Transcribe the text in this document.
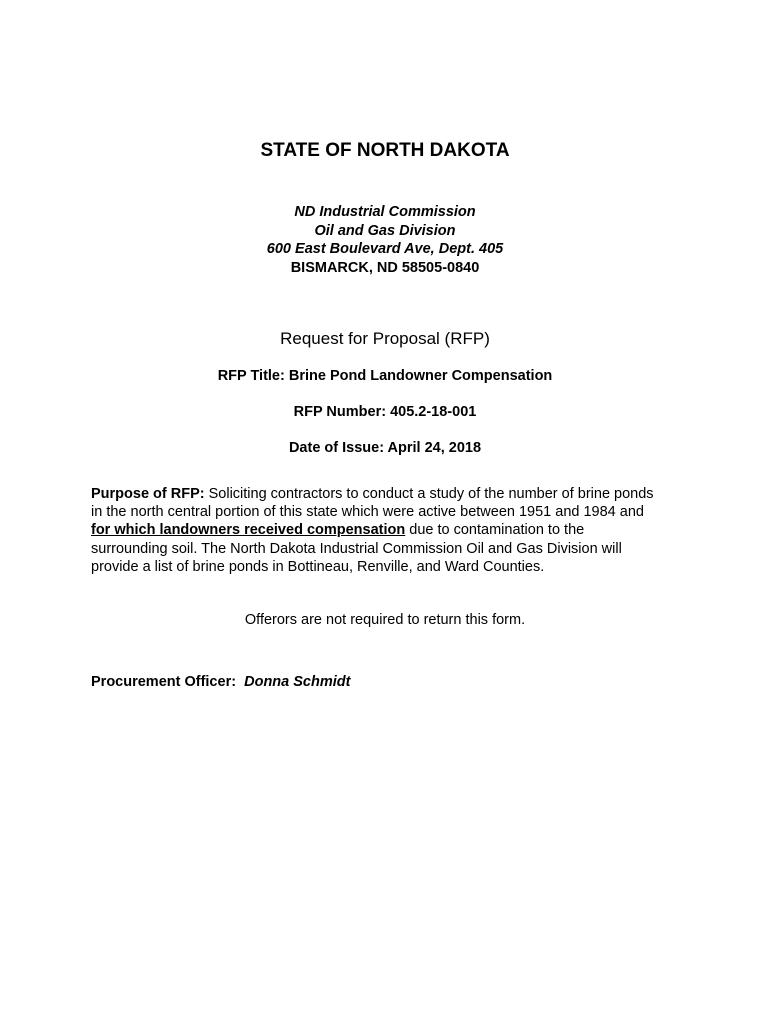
STATE OF NORTH DAKOTA
ND Industrial Commission
Oil and Gas Division
600 East Boulevard Ave, Dept. 405
BISMARCK, ND 58505-0840
Request for Proposal (RFP)
RFP Title: Brine Pond Landowner Compensation
RFP Number: 405.2-18-001
Date of Issue: April 24, 2018
Purpose of RFP: Soliciting contractors to conduct a study of the number of brine ponds
in the north central portion of this state which were active between 1951 and 1984 and
for which landowners received compensation due to contamination to the
surrounding soil. The North Dakota Industrial Commission Oil and Gas Division will
provide a list of brine ponds in Bottineau, Renville, and Ward Counties.
Offerors are not required to return this form.
Procurement Officer: Donna Schmidt
